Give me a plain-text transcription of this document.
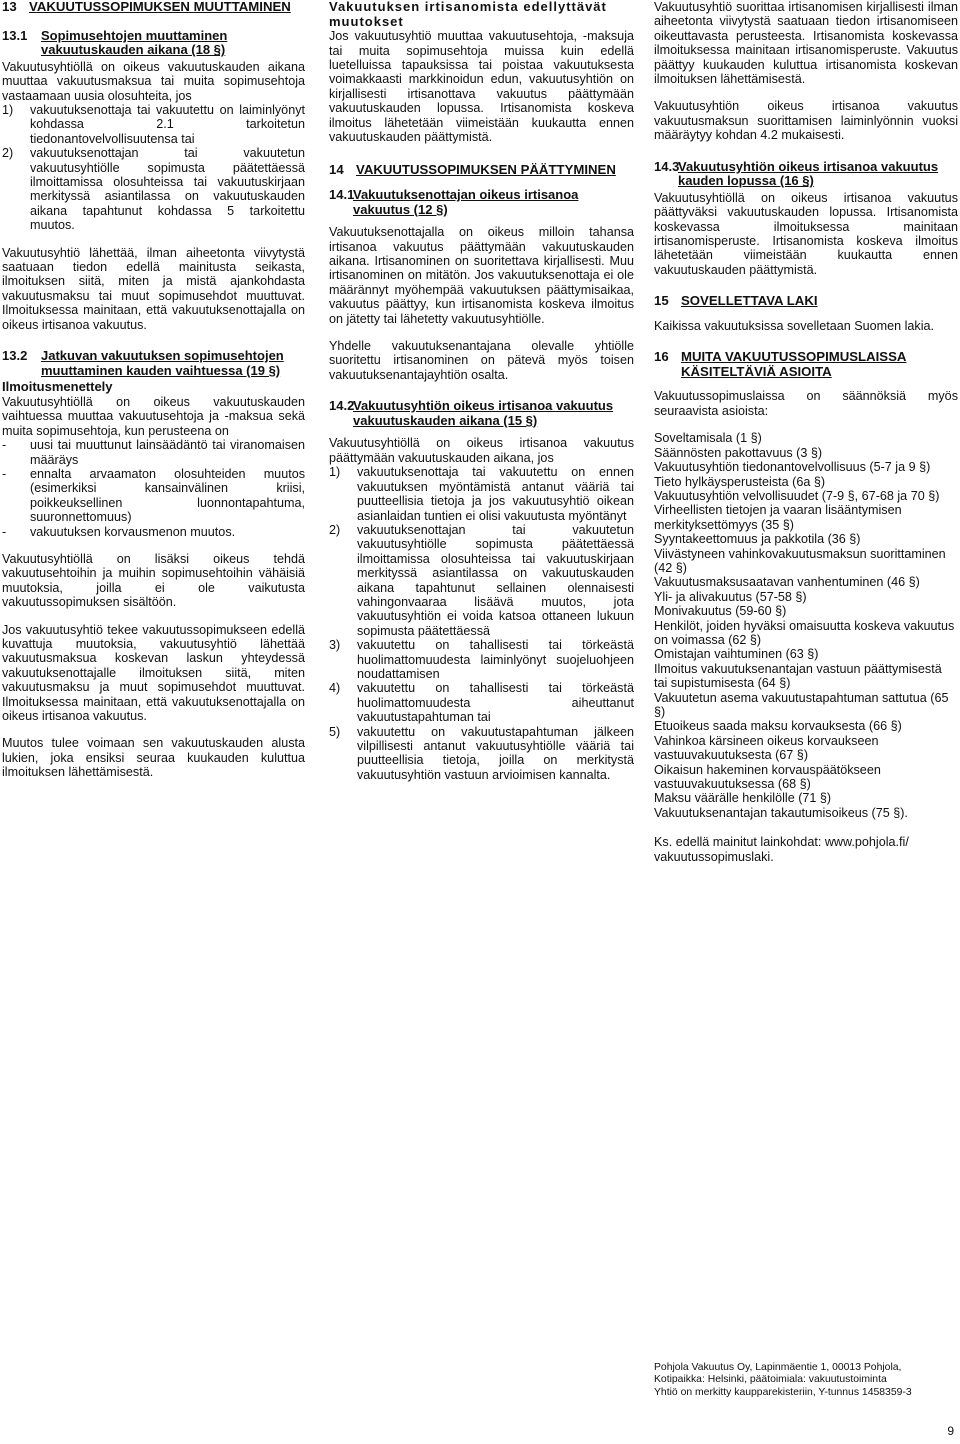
13 VAKUUTUSSOPIMUKSEN MUUTTAMINEN
13.1	Sopimusehtojen muuttaminen vakuutuskauden aikana (18 §)

Vakuutusyhtiöllä on oikeus vakuutuskauden aikana muuttaa vakuutusmaksua tai muita sopimusehtoja vastaamaan uusia olosuhteita, jos

1)	vakuutuksenottaja tai vakuutettu on laiminlyönyt kohdassa 2.1 tarkoitetun tiedonantovelvollisuutensa tai
2)	vakuutuksenottajan tai vakuutetun vakuutusyhtiölle sopimusta päätettäessä ilmoittamissa olosuhteissa tai vakuutuskirjaan merkityssä asiantilassa on vakuutuskauden aikana tapahtunut kohdassa 5 tarkoitettu muutos.

Vakuutusyhtiö lähettää, ilman aiheetonta viivytystä saatuaan tiedon edellä mainitusta seikasta, ilmoituksen siitä, miten ja mistä ajankohdasta vakuutusmaksu tai muut sopimusehdot muuttuvat. Ilmoituksessa mainitaan, että vakuutuksenottajalla on oikeus irtisanoa vakuutus.

13.2	Jatkuvan vakuutuksen sopimusehtojen muuttaminen kauden vaihtuessa (19 §)
Ilmoitusmenettely

Vakuutusyhtiöllä on oikeus vakuutuskauden vaihtuessa muuttaa vakuutusehtoja ja -maksua sekä muita sopimusehtoja, kun perusteena on

-	uusi tai muuttunut lainsäädäntö tai viranomaisen määräys
-	ennalta arvaamaton olosuhteiden muutos (esimerkiksi kansainvälinen kriisi, poikkeuksellinen luonnontapahtuma, suuronnettomuus)
-	vakuutuksen korvausmenon muutos.

Vakuutusyhtiöllä on lisäksi oikeus tehdä vakuutusehtoihin ja muihin sopimusehtoihin vähäisiä muutoksia, joilla ei ole vaikutusta vakuutussopimuksen sisältöön.

Jos vakuutusyhtiö tekee vakuutussopimukseen edellä kuvattuja muutoksia, vakuutusyhtiö lähettää vakuutusmaksua koskevan laskun yhteydessä vakuutuksenottajalle ilmoituksen siitä, miten vakuutusmaksu ja muut sopimusehdot muuttuvat. Ilmoituksessa mainitaan, että vakuutuksenottajalla on oikeus irtisanoa vakuutus.

Muutos tulee voimaan sen vakuutuskauden alusta lukien, joka ensiksi seuraa kuukauden kuluttua ilmoituksen lähettämisestä.

Vakuutuksen irtisanomista edellyttävät muutokset

Jos vakuutusyhtiö muuttaa vakuutusehtoja, -maksuja tai muita sopimusehtoja muissa kuin edellä luetelluissa tapauksissa tai poistaa vakuutuksesta voimakkaasti markkinoidun edun, vakuutusyhtiön on kirjallisesti irtisanottava vakuutus päättymään vakuutuskauden lopussa. Irtisanomista koskeva ilmoitus lähetetään viimeistään kuukautta ennen vakuutuskauden päättymistä.

14 VAKUUTUSSOPIMUKSEN PÄÄTTYMINEN
14.1
Vakuutuksenottajan oikeus irtisanoa vakuutus (12 §)

Vakuutuksenottajalla on oikeus milloin tahansa irtisanoa vakuutus päättymään vakuutuskauden aikana. Irtisanominen on suoritettava kirjallisesti. Muu irtisanominen on mitätön. Jos vakuutuksenottaja ei ole määrännyt myöhempää vakuutuksen päättymisaikaa, vakuutus päättyy, kun irtisanomista koskeva ilmoitus on jätetty tai lähetetty vakuutusyhtiölle.

Yhdelle vakuutuksenantajana olevalle yhtiölle suoritettu irtisanominen on pätevä myös toisen vakuutuksenantajayhtiön osalta.

14.2
Vakuutusyhtiön oikeus irtisanoa vakuutus vakuutuskauden aikana (15 §)

Vakuutusyhtiöllä on oikeus irtisanoa vakuutus päättymään vakuutuskauden aikana, jos

1)	vakuutuksenottaja tai vakuutettu on ennen vakuutuksen myöntämistä antanut vääriä tai puutteellisia tietoja ja jos vakuutusyhtiö oikean asianlaidan tuntien ei olisi vakuutusta myöntänyt
2)	vakuutuksenottajan tai vakuutetun vakuutusyhtiölle sopimusta päätettäessä ilmoittamissa olosuhteissa tai vakuutuskirjaan merkityssä asiantilassa on vakuutuskauden aikana tapahtunut sellainen olennaisesti vahingonvaaraa lisäävä muutos, jota vakuutusyhtiön ei voida katsoa ottaneen lukuun sopimusta päätettäessä
3)	vakuutettu on tahallisesti tai törkeästä huolimattomuudesta laiminlyönyt suojeluohjeen noudattamisen
4)	vakuutettu on tahallisesti tai törkeästä huolimattomuudesta aiheuttanut vakuutustapahtuman tai
5)	vakuutettu on vakuutustapahtuman jälkeen vilpillisesti antanut vakuutusyhtiölle vääriä tai puutteellisia tietoja, joilla on merkitystä vakuutusyhtiön vastuun arvioimisen kannalta.

Vakuutusyhtiö suorittaa irtisanomisen kirjallisesti ilman aiheetonta viivytystä saatuaan tiedon irtisanomiseen oikeuttavasta perusteesta. Irtisanomista koskevassa ilmoituksessa mainitaan irtisanomisperuste. Vakuutus päättyy kuukauden kuluttua irtisanomista koskevan ilmoituksen lähettämisestä.

Vakuutusyhtiön oikeus irtisanoa vakuutus vakuutusmaksun suorittamisen laiminlyönnin vuoksi määräytyy kohdan 4.2 mukaisesti.

14.3
Vakuutusyhtiön oikeus irtisanoa vakuutus kauden lopussa (16 §)

Vakuutusyhtiöllä on oikeus irtisanoa vakuutus päättyväksi vakuutuskauden lopussa. Irtisanomista koskevassa ilmoituksessa mainitaan irtisanomisperuste. Irtisanomista koskeva ilmoitus lähetetään viimeistään kuukautta ennen vakuutuskauden päättymistä.

15 SOVELLETTAVA LAKI

Kaikissa vakuutuksissa sovelletaan Suomen lakia.

16 MUITA VAKUUTUSSOPIMUSLAISSA KÄSITELTÄVIÄ ASIOITA

Vakuutussopimuslaissa on säännöksiä myös seuraavista asioista:

Soveltamisala (1 §)
Säännösten pakottavuus (3 §)
Vakuutusyhtiön tiedonantovelvollisuus (5-7 ja 9 §)
Tieto hylkäysperusteista (6a §)
Vakuutusyhtiön velvollisuudet (7-9 §, 67-68 ja 70 §)
Virheellisten tietojen ja vaaran lisääntymisen merkityksettömyys (35 §)
Syyntakeettomuus ja pakkotila (36 §)
Viivästyneen vahinkovakuutusmaksun suorittaminen (42 §)
Vakuutusmaksusaatavan vanhentuminen (46 §)
Yli- ja alivakuutus (57-58 §)
Monivakuutus (59-60 §)
Henkilöt, joiden hyväksi omaisuutta koskeva vakuutus on voimassa (62 §)
Omistajan vaihtuminen (63 §)
Ilmoitus vakuutuksenantajan vastuun päättymisestä tai supistumisesta (64 §)
Vakuutetun asema vakuutustapahtuman sattutua (65 §)
Etuoikeus saada maksu korvauksesta (66 §)
Vahinkoa kärsineen oikeus korvaukseen vastuuvakuutuksesta (67 §)
Oikaisun hakeminen korvauspäätökseen vastuuvakuutuksessa (68 §)
Maksu väärälle henkilölle (71 §)
Vakuutuksenantajan takautumisoikeus (75 §).

Ks. edellä mainitut lainkohdat: www.pohjola.fi/ vakuutussopimuslaki.

Pohjola Vakuutus Oy, Lapinmäentie 1, 00013 Pohjola,
Kotipaikka: Helsinki, päätoimiala: vakuutustoiminta
Yhtiö on merkitty kaupparekisteriin, Y-tunnus 1458359-3
9
